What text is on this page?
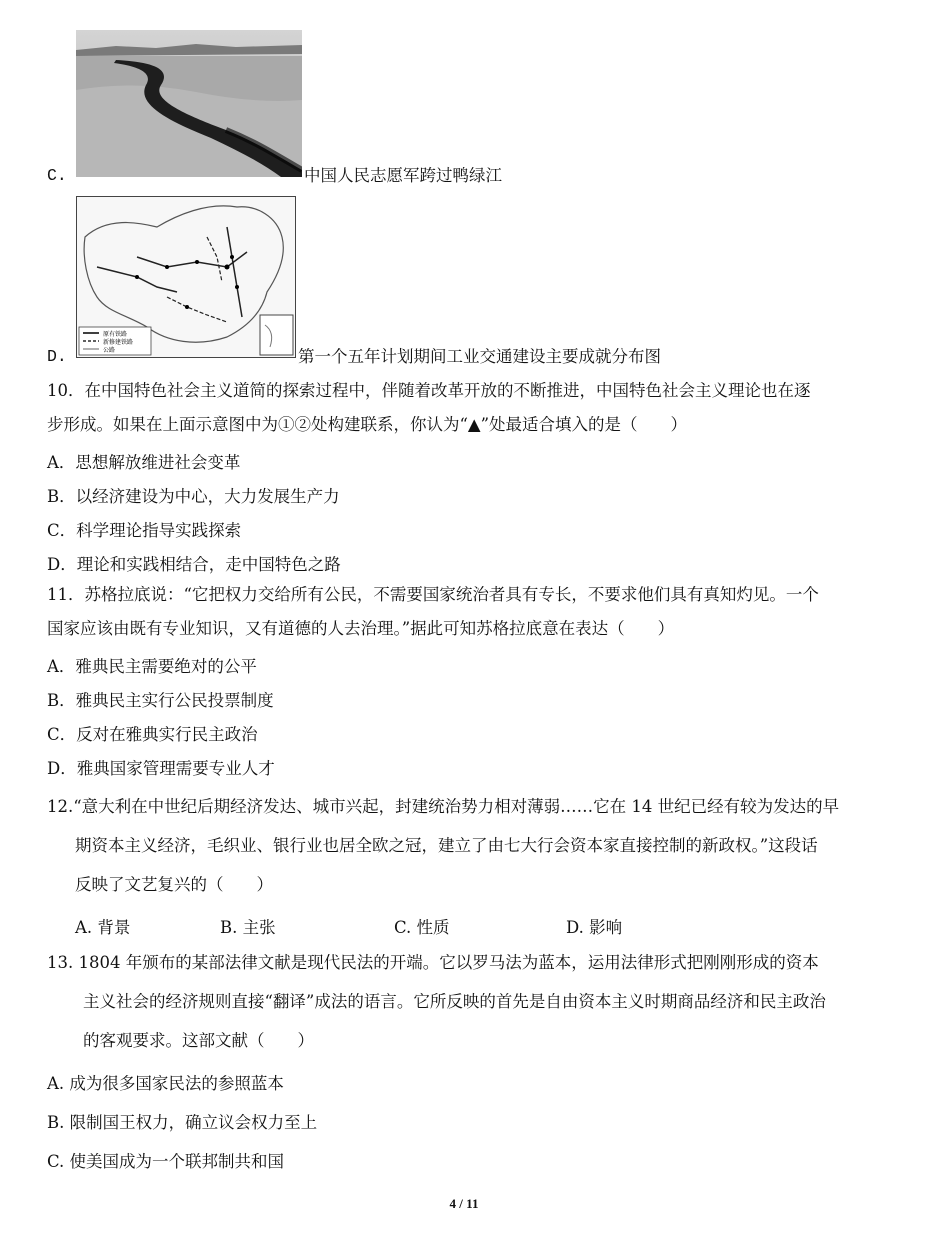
C.	中国人民志愿军跨过鸭绿江
原有铁路
新修建铁路
公路
D.	第一个五年计划期间工业交通建设主要成就分布图
10．在中国特色社会主义道简的探索过程中，伴随着改革开放的不断推进，中国特色社会主义理论也在逐
步形成。如果在上面示意图中为①②处构建联系，你认为“▲”处最适合填入的是（　　）
A．思想解放维进社会变革
B．以经济建设为中心，大力发展生产力
C．科学理论指导实践探索
D．理论和实践相结合，走中国特色之路
11．苏格拉底说：“它把权力交给所有公民，不需要国家统治者具有专长，不要求他们具有真知灼见。一个
国家应该由既有专业知识，又有道德的人去治理。”据此可知苏格拉底意在表达（　　）
A．雅典民主需要绝对的公平
B．雅典民主实行公民投票制度
C．反对在雅典实行民主政治
D．雅典国家管理需要专业人才
12.“意大利在中世纪后期经济发达、城市兴起，封建统治势力相对薄弱……它在 14 世纪已经有较为发达的早
期资本主义经济，毛织业、银行业也居全欧之冠，建立了由七大行会资本家直接控制的新政权。”这段话
反映了文艺复兴的（　　）
A. 背景	B. 主张	C. 性质	D. 影响
13. 1804 年颁布的某部法律文献是现代民法的开端。它以罗马法为蓝本，运用法律形式把刚刚形成的资本
主义社会的经济规则直接“翻译”成法的语言。它所反映的首先是自由资本主义时期商品经济和民主政治
的客观要求。这部文献（　　）
A. 成为很多国家民法的参照蓝本
B. 限制国王权力，确立议会权力至上
C. 使美国成为一个联邦制共和国
4 / 11
